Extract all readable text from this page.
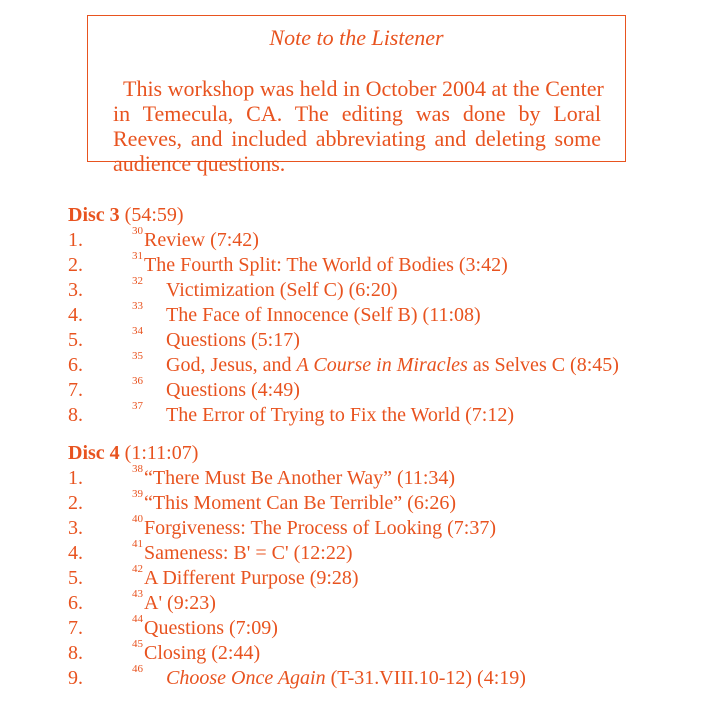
Note to the Listener
This workshop was held in October 2004 at the Center
in Temecula, CA. The editing was done by Loral
Reeves, and included abbreviating and deleting some
audience questions.
Disc 3 (54:59)
1.	30 Review (7:42)
2.	31 The Fourth Split: The World of Bodies (3:42)
3.	32 Victimization (Self C) (6:20)
4.	33 The Face of Innocence (Self B) (11:08)
5.	34 Questions (5:17)
6.	35 God, Jesus, and A Course in Miracles as Selves C (8:45)
7.	36 Questions (4:49)
8.	37 The Error of Trying to Fix the World (7:12)
Disc 4 (1:11:07)
1.	38 “There Must Be Another Way” (11:34)
2.	39 “This Moment Can Be Terrible” (6:26)
3.	40 Forgiveness: The Process of Looking (7:37)
4.	41 Sameness: B' = C' (12:22)
5.	42 A Different Purpose (9:28)
6.	43 A' (9:23)
7.	44 Questions (7:09)
8.	45 Closing (2:44)
9.	46 Choose Once Again (T-31.VIII.10-12) (4:19)
